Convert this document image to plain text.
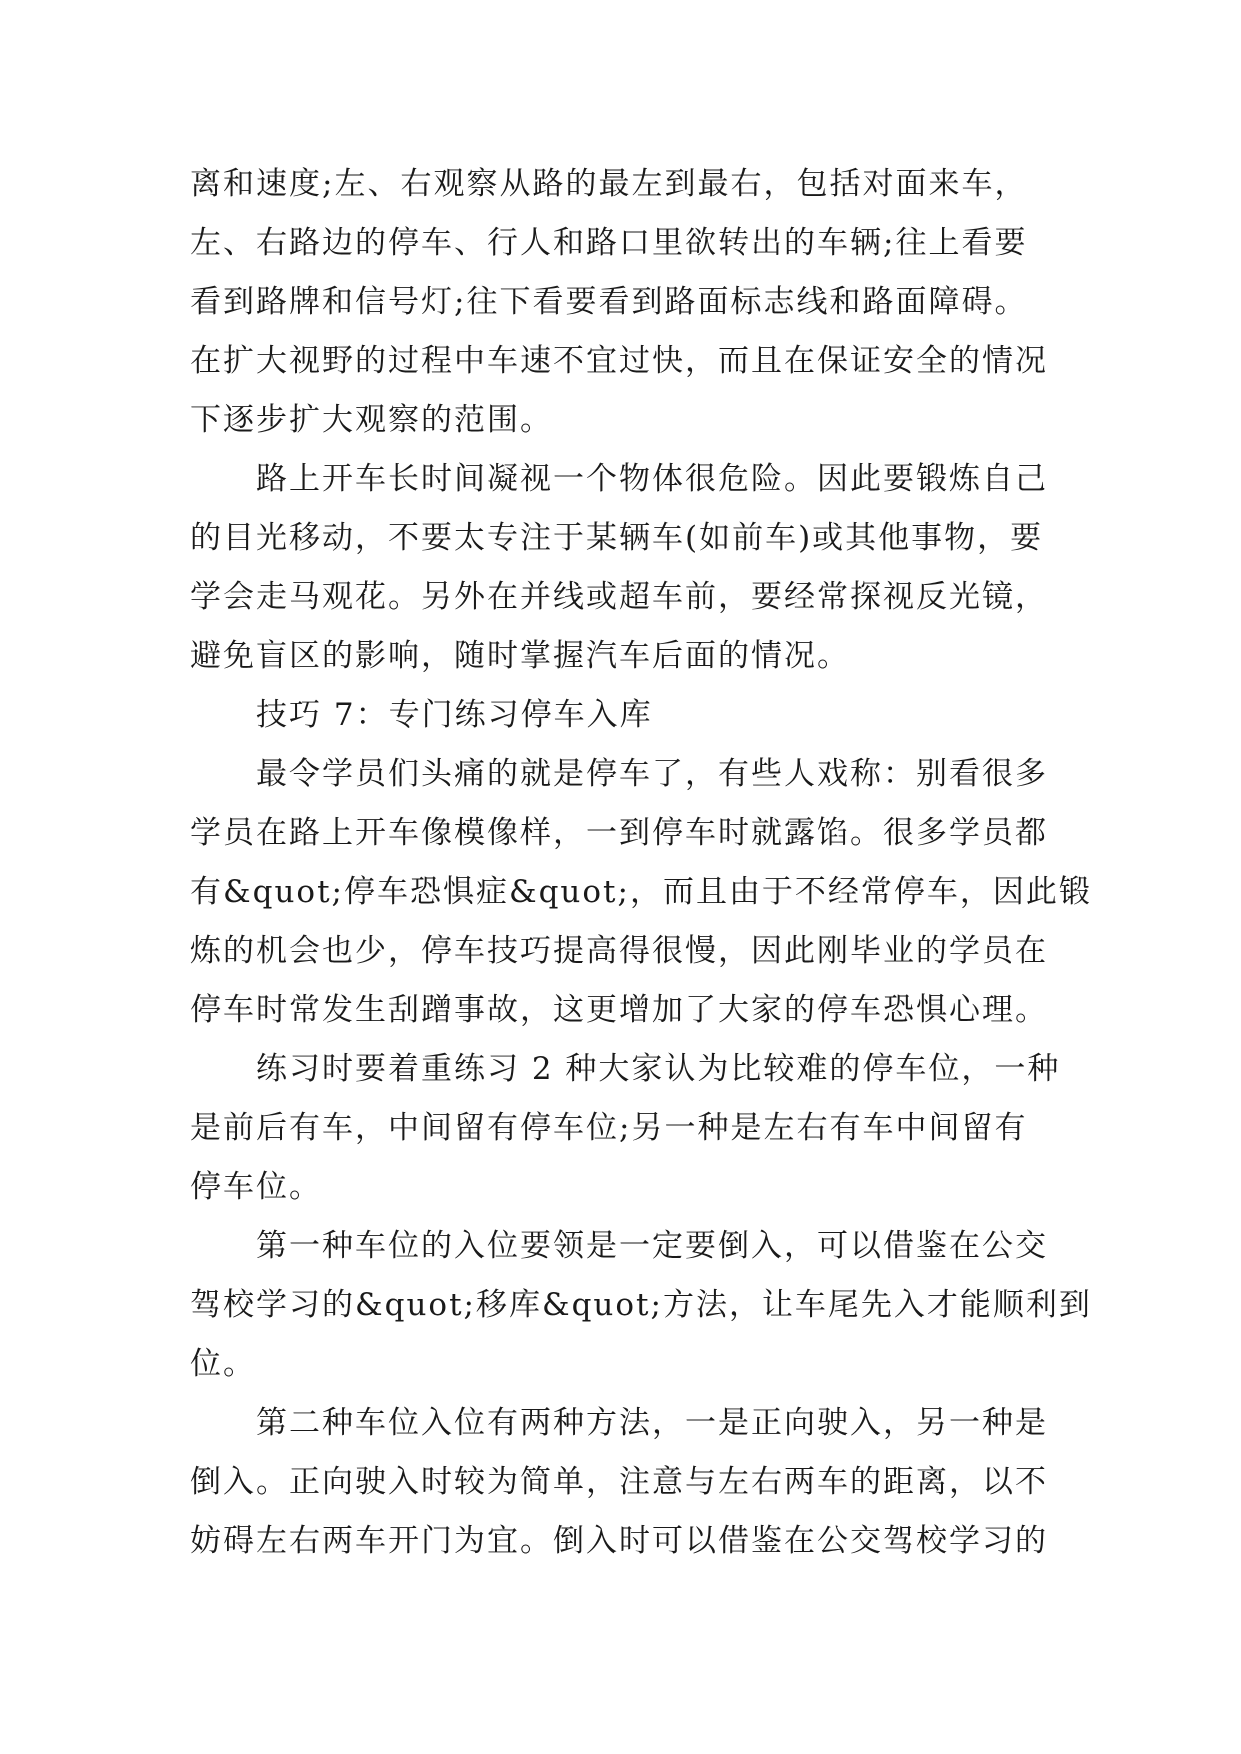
离和速度;左、右观察从路的最左到最右，包括对面来车，
左、右路边的停车、行人和路口里欲转出的车辆;往上看要
看到路牌和信号灯;往下看要看到路面标志线和路面障碍。
在扩大视野的过程中车速不宜过快，而且在保证安全的情况
下逐步扩大观察的范围。
路上开车长时间凝视一个物体很危险。因此要锻炼自己
的目光移动，不要太专注于某辆车(如前车)或其他事物，要
学会走马观花。另外在并线或超车前，要经常探视反光镜，
避免盲区的影响，随时掌握汽车后面的情况。
技巧 7：专门练习停车入库
最令学员们头痛的就是停车了，有些人戏称：别看很多
学员在路上开车像模像样，一到停车时就露馅。很多学员都
有&quot;停车恐惧症&quot;，而且由于不经常停车，因此锻
炼的机会也少，停车技巧提高得很慢，因此刚毕业的学员在
停车时常发生刮蹭事故，这更增加了大家的停车恐惧心理。
练习时要着重练习 2 种大家认为比较难的停车位，一种
是前后有车，中间留有停车位;另一种是左右有车中间留有
停车位。
第一种车位的入位要领是一定要倒入，可以借鉴在公交
驾校学习的&quot;移库&quot;方法，让车尾先入才能顺利到
位。
第二种车位入位有两种方法，一是正向驶入，另一种是
倒入。正向驶入时较为简单，注意与左右两车的距离，以不
妨碍左右两车开门为宜。倒入时可以借鉴在公交驾校学习的
